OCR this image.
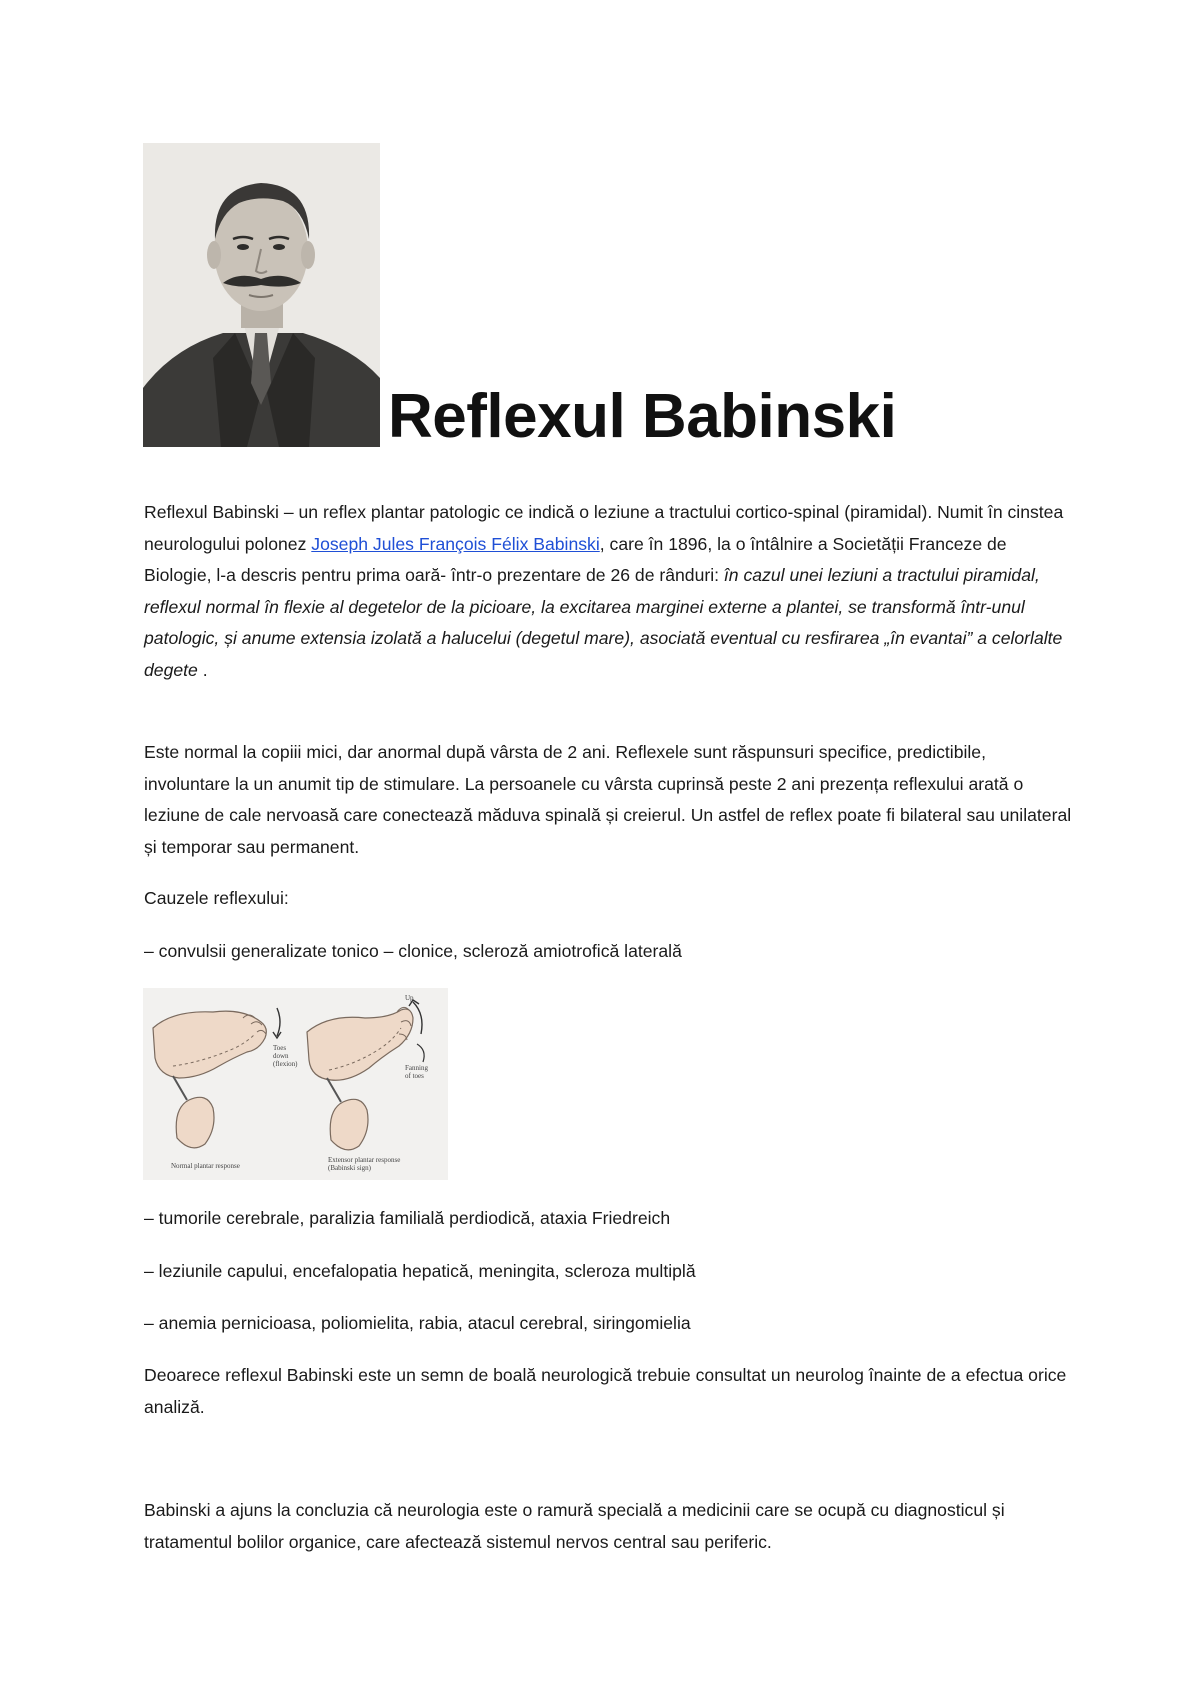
Reflexul Babinski
Reflexul Babinski – un reflex plantar patologic ce indică o leziune a tractului cortico-spinal (piramidal). Numit în cinstea neurologului polonez Joseph Jules François Félix Babinski, care în 1896, la o întâlnire a Societății Franceze de Biologie, l-a descris pentru prima oară- într-o prezentare de 26 de rânduri: în cazul unei leziuni a tractului piramidal, reflexul normal în flexie al degetelor de la picioare, la excitarea marginei externe a plantei, se transformă într-unul patologic, și anume extensia izolată a halucelui (degetul mare), asociată eventual cu resfirarea „în evantai” a celorlalte degete .
Este normal la copiii mici, dar anormal după vârsta de 2 ani. Reflexele sunt răspunsuri specifice, predictibile, involuntare la un anumit tip de stimulare. La persoanele cu vârsta cuprinsă peste 2 ani prezența reflexului arată o leziune de cale nervoasă care conectează măduva spinală și creierul. Un astfel de reflex poate fi bilateral sau unilateral și temporar sau permanent.
Cauzele reflexului:
– convulsii generalizate tonico – clonice, scleroză amiotrofică laterală
Toes down (flexion)
Up
Fanning of toes
Normal plantar response
Extensor plantar response (Babinski sign)
– tumorile cerebrale, paralizia familială perdiodică, ataxia Friedreich
– leziunile capului, encefalopatia hepatică, meningita, scleroza multiplă
– anemia pernicioasa, poliomielita, rabia, atacul cerebral, siringomielia
Deoarece reflexul Babinski este un semn de boală neurologică trebuie consultat un neurolog înainte de a efectua orice analiză.
Babinski a ajuns la concluzia că neurologia este o ramură specială a medicinii care se ocupă cu diagnosticul și tratamentul bolilor organice, care afectează sistemul nervos central sau periferic.
